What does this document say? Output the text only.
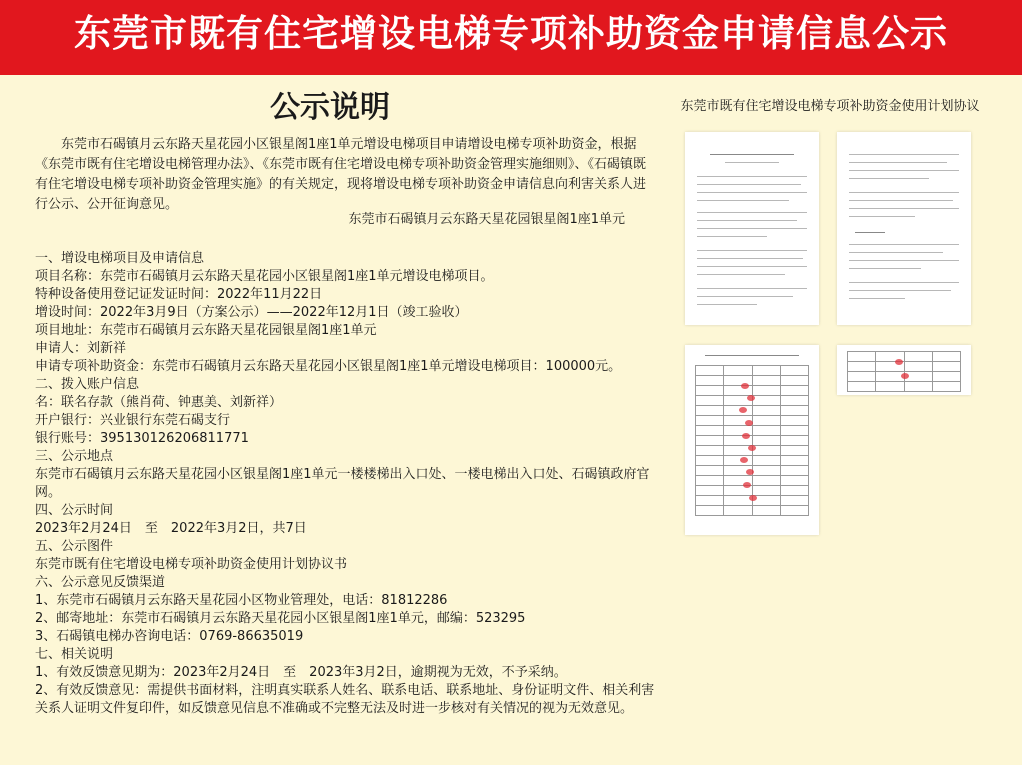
东莞市既有住宅增设电梯专项补助资金申请信息公示
公示说明

东莞市石碣镇月云东路天星花园小区银星阁1座1单元增设电梯项目申请增设电梯专项补助资金，根据《东莞市既有住宅增设电梯管理办法》、《东莞市既有住宅增设电梯专项补助资金管理实施细则》、《石碣镇既有住宅增设电梯专项补助资金管理实施》的有关规定，现将增设电梯专项补助资金申请信息向利害关系人进行公示、公开征询意见。

东莞市石碣镇月云东路天星花园银星阁1座1单元
一、增设电梯项目及申请信息
项目名称：东莞市石碣镇月云东路天星花园小区银星阁1座1单元增设电梯项目。
特种设备使用登记证发证时间：2022年11月22日
增设时间：2022年3月9日（方案公示）——2022年12月1日（竣工验收）
项目地址：东莞市石碣镇月云东路天星花园银星阁1座1单元
申请人：刘新祥
申请专项补助资金：东莞市石碣镇月云东路天星花园小区银星阁1座1单元增设电梯项目：100000元。
二、拨入账户信息
名：联名存款（熊肖荷、钟惠美、刘新祥）
开户银行：兴业银行东莞石碣支行
银行账号：395130126206811771
三、公示地点
东莞市石碣镇月云东路天星花园小区银星阁1座1单元一楼楼梯出入口处、一楼电梯出入口处、石碣镇政府官网。
四、公示时间
2023年2月24日　至　2022年3月2日，共7日
五、公示图件
东莞市既有住宅增设电梯专项补助资金使用计划协议书
六、公示意见反馈渠道
1、东莞市石碣镇月云东路天星花园小区物业管理处，电话：81812286
2、邮寄地址：东莞市石碣镇月云东路天星花园小区银星阁1座1单元，邮编：523295
3、石碣镇电梯办咨询电话：0769-86635019
七、相关说明
1、有效反馈意见期为：2023年2月24日　至　2023年3月2日，逾期视为无效，不予采纳。
2、有效反馈意见：需提供书面材料，注明真实联系人姓名、联系电话、联系地址、身份证明文件、相关利害关系人证明文件复印件，如反馈意见信息不准确或不完整无法及时进一步核对有关情况的视为无效意见。
东莞市既有住宅增设电梯专项补助资金使用计划协议
